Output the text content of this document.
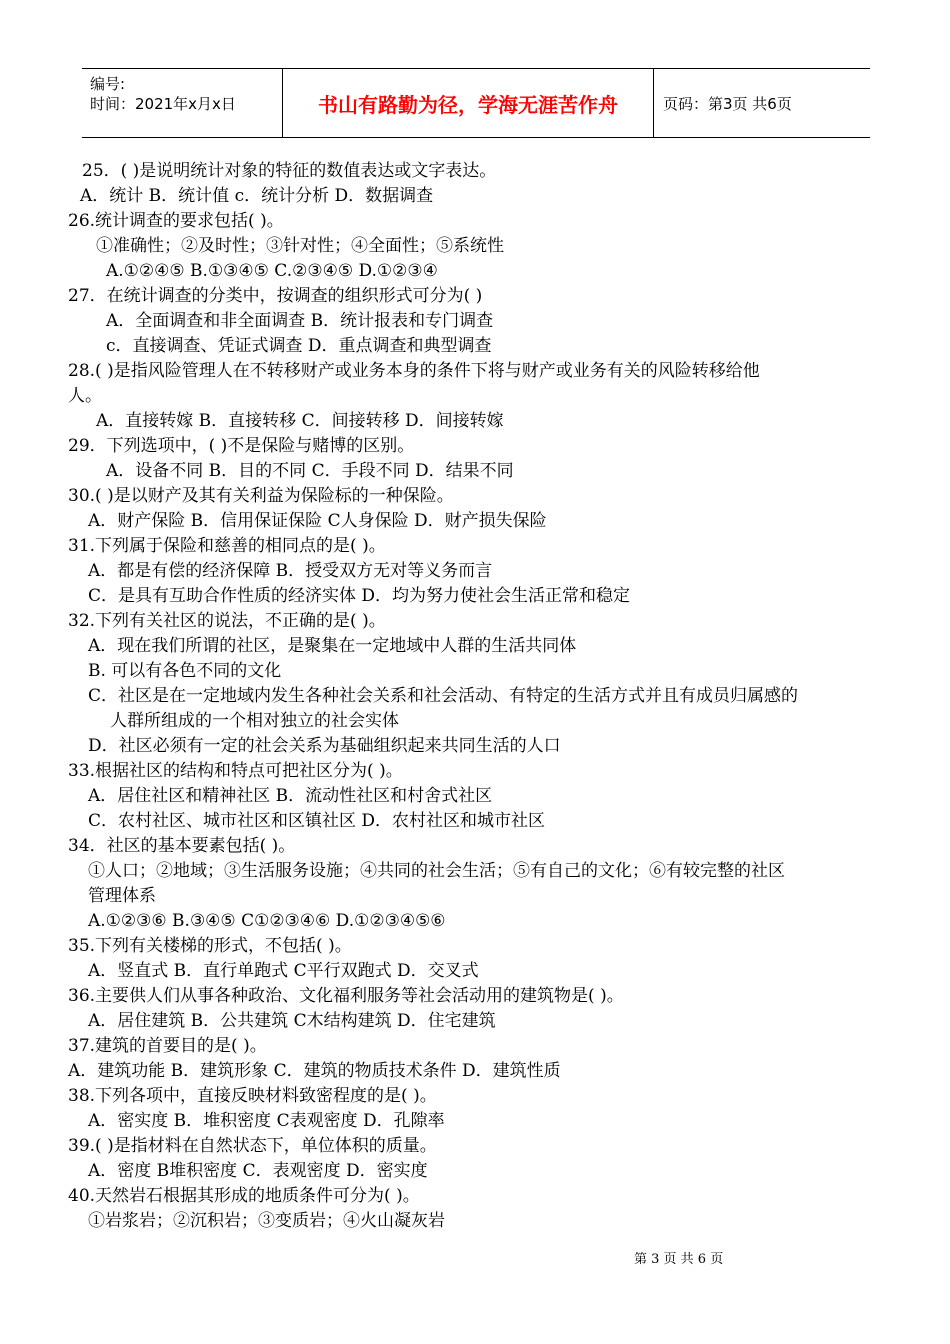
编号:
时间：2021年x月x日	书山有路勤为径，学海无涯苦作舟	页码：第3页 共6页
25．( )是说明统计对象的特征的数值表达或文字表达。
A．统计 B．统计值 c．统计分析 D．数据调查
26.统计调查的要求包括( )。
①准确性；②及时性；③针对性；④全面性；⑤系统性
A.①②④⑤ B.①③④⑤ C.②③④⑤ D.①②③④
27．在统计调查的分类中，按调查的组织形式可分为( )
A．全面调查和非全面调查 B．统计报表和专门调查
c．直接调查、凭证式调查 D．重点调查和典型调查
28.( )是指风险管理人在不转移财产或业务本身的条件下将与财产或业务有关的风险转移给他
人。
A．直接转嫁 B．直接转移 C．间接转移 D．间接转嫁
29．下列选项中，( )不是保险与赌博的区别。
A．设备不同 B．目的不同 C．手段不同 D．结果不同
30.( )是以财产及其有关利益为保险标的一种保险。
A．财产保险 B．信用保证保险 C人身保险 D．财产损失保险
31.下列属于保险和慈善的相同点的是( )。
A．都是有偿的经济保障 B．授受双方无对等义务而言
C．是具有互助合作性质的经济实体 D．均为努力使社会生活正常和稳定
32.下列有关社区的说法，不正确的是( )。
A．现在我们所谓的社区，是聚集在一定地域中人群的生活共同体
B. 可以有各色不同的文化
C．社区是在一定地域内发生各种社会关系和社会活动、有特定的生活方式并且有成员归属感的
人群所组成的一个相对独立的社会实体
D．社区必须有一定的社会关系为基础组织起来共同生活的人口
33.根据社区的结构和特点可把社区分为( )。
A．居住社区和精神社区 B．流动性社区和村舍式社区
C．农村社区、城市社区和区镇社区 D．农村社区和城市社区
34．社区的基本要素包括( )。
①人口；②地域；③生活服务设施；④共同的社会生活；⑤有自己的文化；⑥有较完整的社区
管理体系
A.①②③⑥ B.③④⑤ C①②③④⑥ D.①②③④⑤⑥
35.下列有关楼梯的形式，不包括( )。
A．竖直式 B．直行单跑式 C平行双跑式 D．交叉式
36.主要供人们从事各种政治、文化福利服务等社会活动用的建筑物是( )。
A．居住建筑 B．公共建筑 C木结构建筑 D．住宅建筑
37.建筑的首要目的是( )。
A．建筑功能 B．建筑形象 C．建筑的物质技术条件 D．建筑性质
38.下列各项中，直接反映材料致密程度的是( )。
A．密实度 B．堆积密度 C表观密度 D．孔隙率
39.( )是指材料在自然状态下，单位体积的质量。
A．密度 B堆积密度 C．表观密度 D．密实度
40.天然岩石根据其形成的地质条件可分为( )。
①岩浆岩；②沉积岩；③变质岩；④火山凝灰岩
第 3 页 共 6 页
